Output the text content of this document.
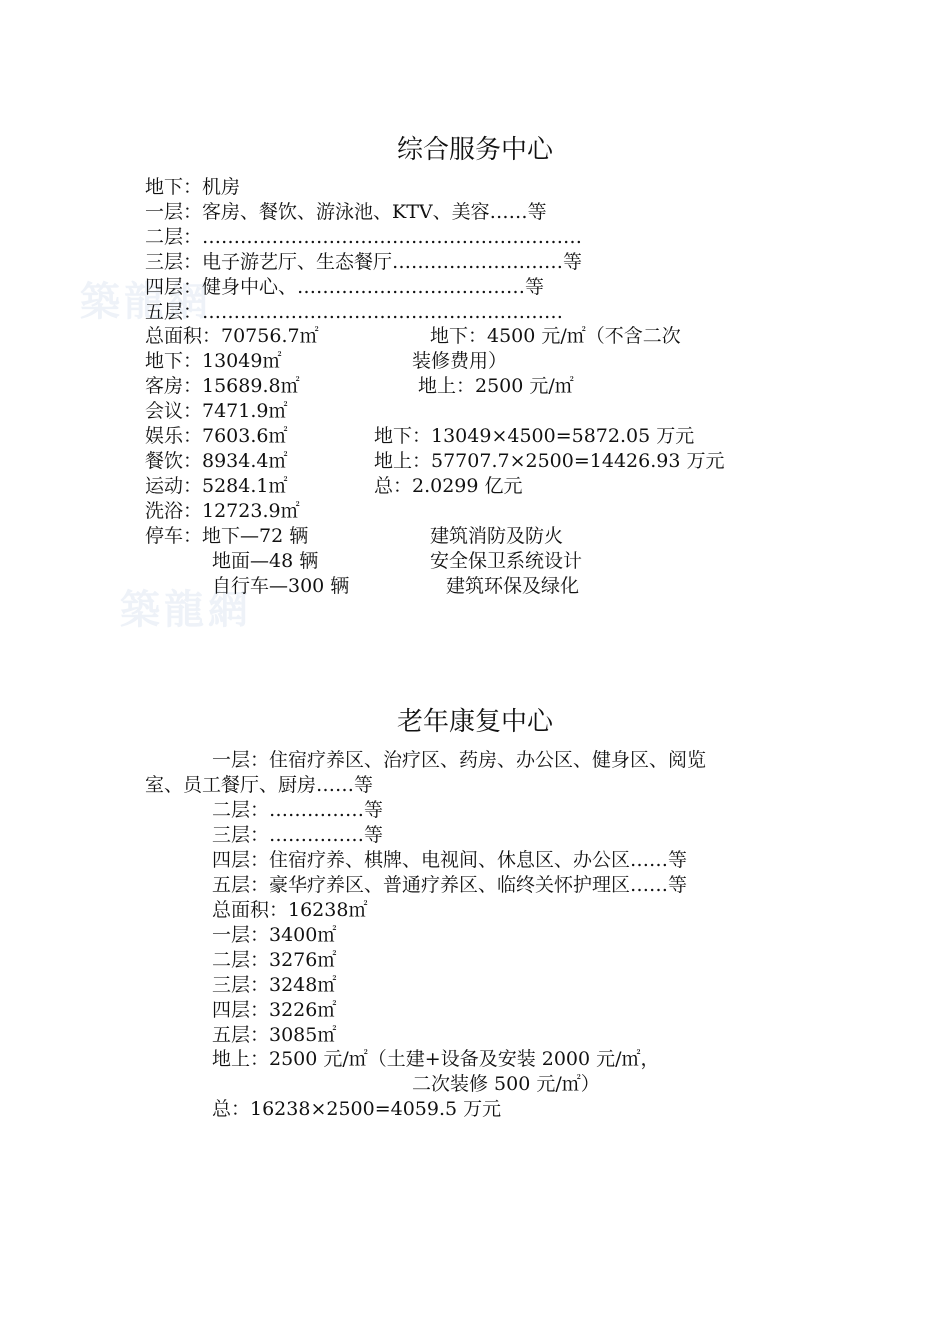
築龍網
築龍網
综合服务中心
地下：机房
一层：客房、餐饮、游泳池、KTV、美容……等
二层：……………………………………………………
三层：电子游艺厅、生态餐厅………………………等
四层：健身中心、………………………………等
五层：…………………………………………………
总面积：70756.7㎡
地下：13049㎡
客房：15689.8㎡
会议：7471.9㎡
娱乐：7603.6㎡
餐饮：8934.4㎡
运动：5284.1㎡
洗浴：12723.9㎡
停车：地下—72 辆
地面—48 辆
自行车—300 辆
地下：4500 元/㎡（不含二次
装修费用）
地上：2500 元/㎡
地下：13049×4500=5872.05 万元
地上：57707.7×2500=14426.93 万元
总：2.0299 亿元
建筑消防及防火
安全保卫系统设计
建筑环保及绿化
老年康复中心
一层：住宿疗养区、治疗区、药房、办公区、健身区、阅览
室、员工餐厅、厨房……等
二层：……………等
三层：……………等
四层：住宿疗养、棋牌、电视间、休息区、办公区……等
五层：豪华疗养区、普通疗养区、临终关怀护理区……等
总面积：16238㎡
一层：3400㎡
二层：3276㎡
三层：3248㎡
四层：3226㎡
五层：3085㎡
地上：2500 元/㎡（土建+设备及安装 2000 元/㎡，
二次装修 500 元/㎡）
总：16238×2500=4059.5 万元
